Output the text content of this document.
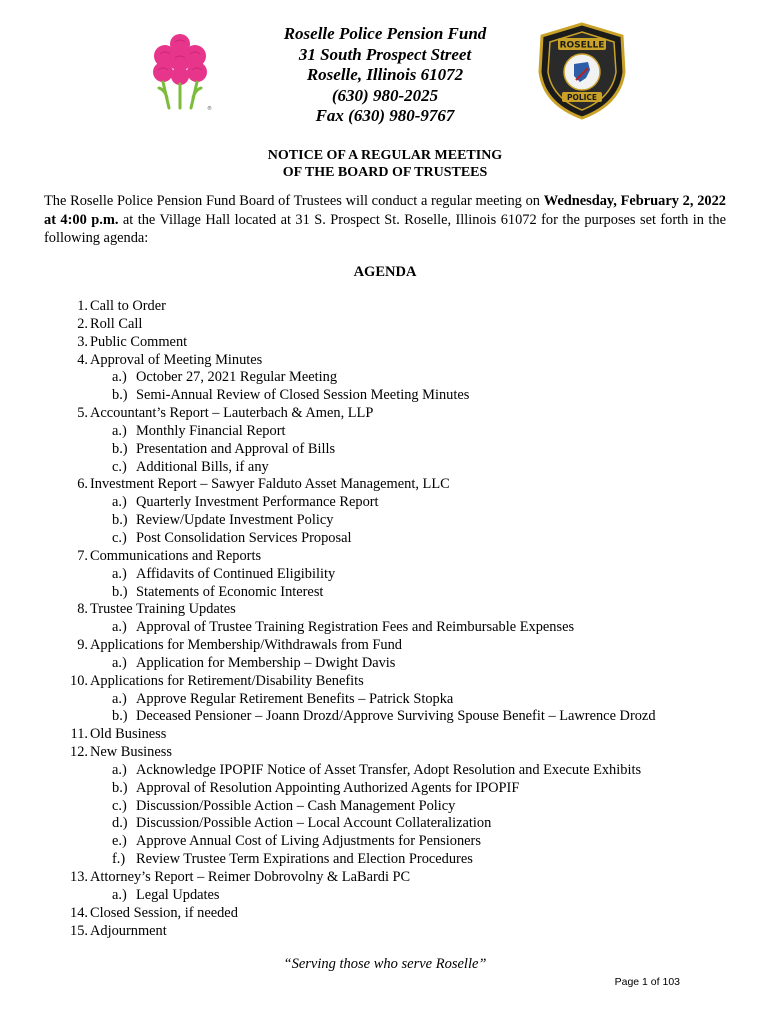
®
ROSELLE
POLICE
Roselle Police Pension Fund
31 South Prospect Street
Roselle, Illinois 61072
(630) 980-2025
Fax (630) 980-9767
NOTICE OF A REGULAR MEETING
OF THE BOARD OF TRUSTEES
The Roselle Police Pension Fund Board of Trustees will conduct a regular meeting on Wednesday, February 2, 2022 at 4:00 p.m. at the Village Hall located at 31 S. Prospect St. Roselle, Illinois 61072 for the purposes set forth in the following agenda:
AGENDA
1. Call to Order
2. Roll Call
3. Public Comment
4. Approval of Meeting Minutes
a.) October 27, 2021 Regular Meeting
b.) Semi-Annual Review of Closed Session Meeting Minutes
5. Accountant’s Report – Lauterbach & Amen, LLP
a.) Monthly Financial Report
b.) Presentation and Approval of Bills
c.) Additional Bills, if any
6. Investment Report – Sawyer Falduto Asset Management, LLC
a.) Quarterly Investment Performance Report
b.) Review/Update Investment Policy
c.) Post Consolidation Services Proposal
7. Communications and Reports
a.) Affidavits of Continued Eligibility
b.) Statements of Economic Interest
8. Trustee Training Updates
a.) Approval of Trustee Training Registration Fees and Reimbursable Expenses
9. Applications for Membership/Withdrawals from Fund
a.) Application for Membership – Dwight Davis
10. Applications for Retirement/Disability Benefits
a.) Approve Regular Retirement Benefits – Patrick Stopka
b.) Deceased Pensioner – Joann Drozd/Approve Surviving Spouse Benefit – Lawrence Drozd
11. Old Business
12. New Business
a.) Acknowledge IPOPIF Notice of Asset Transfer, Adopt Resolution and Execute Exhibits
b.) Approval of Resolution Appointing Authorized Agents for IPOPIF
c.) Discussion/Possible Action – Cash Management Policy
d.) Discussion/Possible Action – Local Account Collateralization
e.) Approve Annual Cost of Living Adjustments for Pensioners
f.) Review Trustee Term Expirations and Election Procedures
13. Attorney’s Report – Reimer Dobrovolny & LaBardi PC
a.) Legal Updates
14. Closed Session, if needed
15. Adjournment
“Serving those who serve Roselle”
Page 1 of 103
